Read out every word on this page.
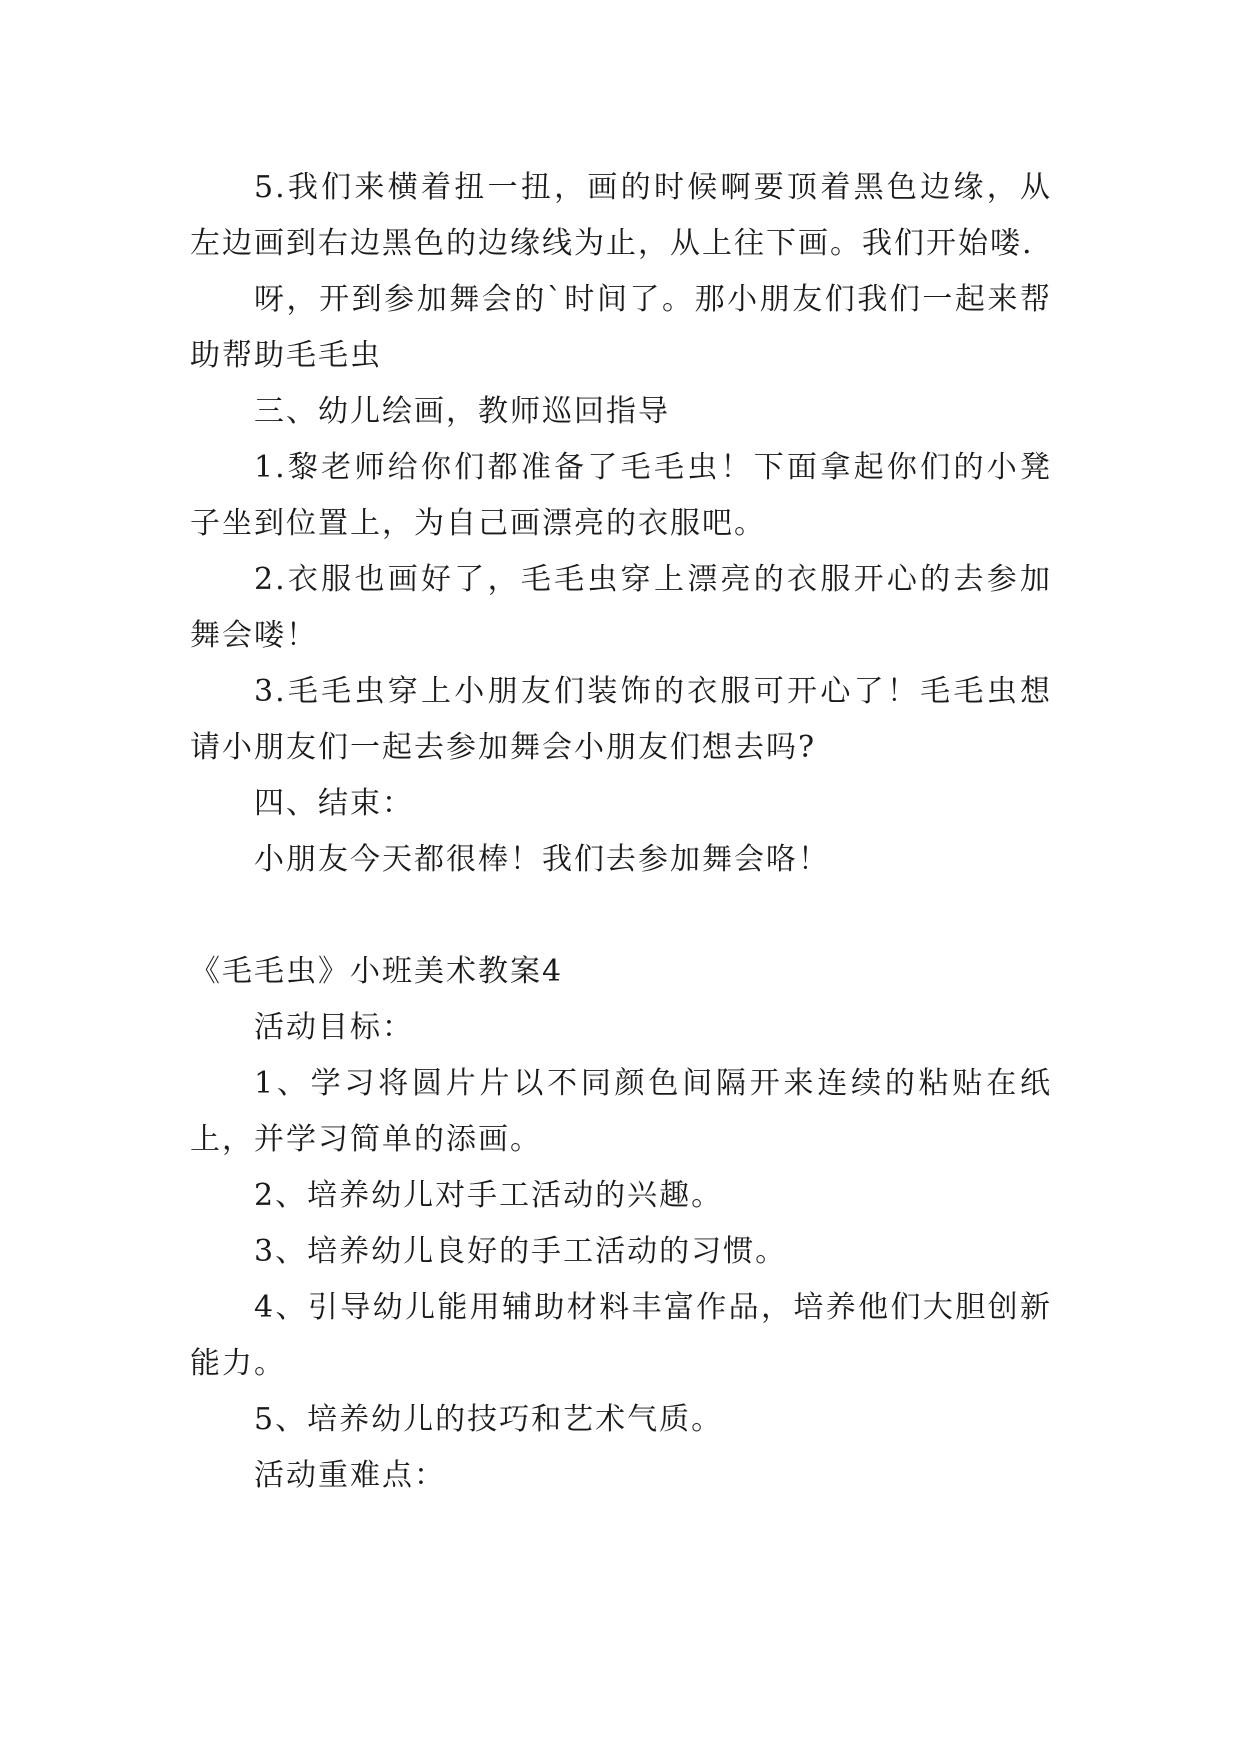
5.我们来横着扭一扭，画的时候啊要顶着黑色边缘，从左边画到右边黑色的边缘线为止，从上往下画。我们开始喽.

呀，开到参加舞会的`时间了。那小朋友们我们一起来帮助帮助毛毛虫

三、幼儿绘画，教师巡回指导

1.黎老师给你们都准备了毛毛虫！下面拿起你们的小凳子坐到位置上，为自己画漂亮的衣服吧。

2.衣服也画好了，毛毛虫穿上漂亮的衣服开心的去参加舞会喽！

3.毛毛虫穿上小朋友们装饰的衣服可开心了！毛毛虫想请小朋友们一起去参加舞会小朋友们想去吗?

四、结束：

小朋友今天都很棒！我们去参加舞会咯！

《毛毛虫》小班美术教案4

活动目标：

1、学习将圆片片以不同颜色间隔开来连续的粘贴在纸上，并学习简单的添画。

2、培养幼儿对手工活动的兴趣。

3、培养幼儿良好的手工活动的习惯。

4、引导幼儿能用辅助材料丰富作品，培养他们大胆创新能力。

5、培养幼儿的技巧和艺术气质。

活动重难点：
